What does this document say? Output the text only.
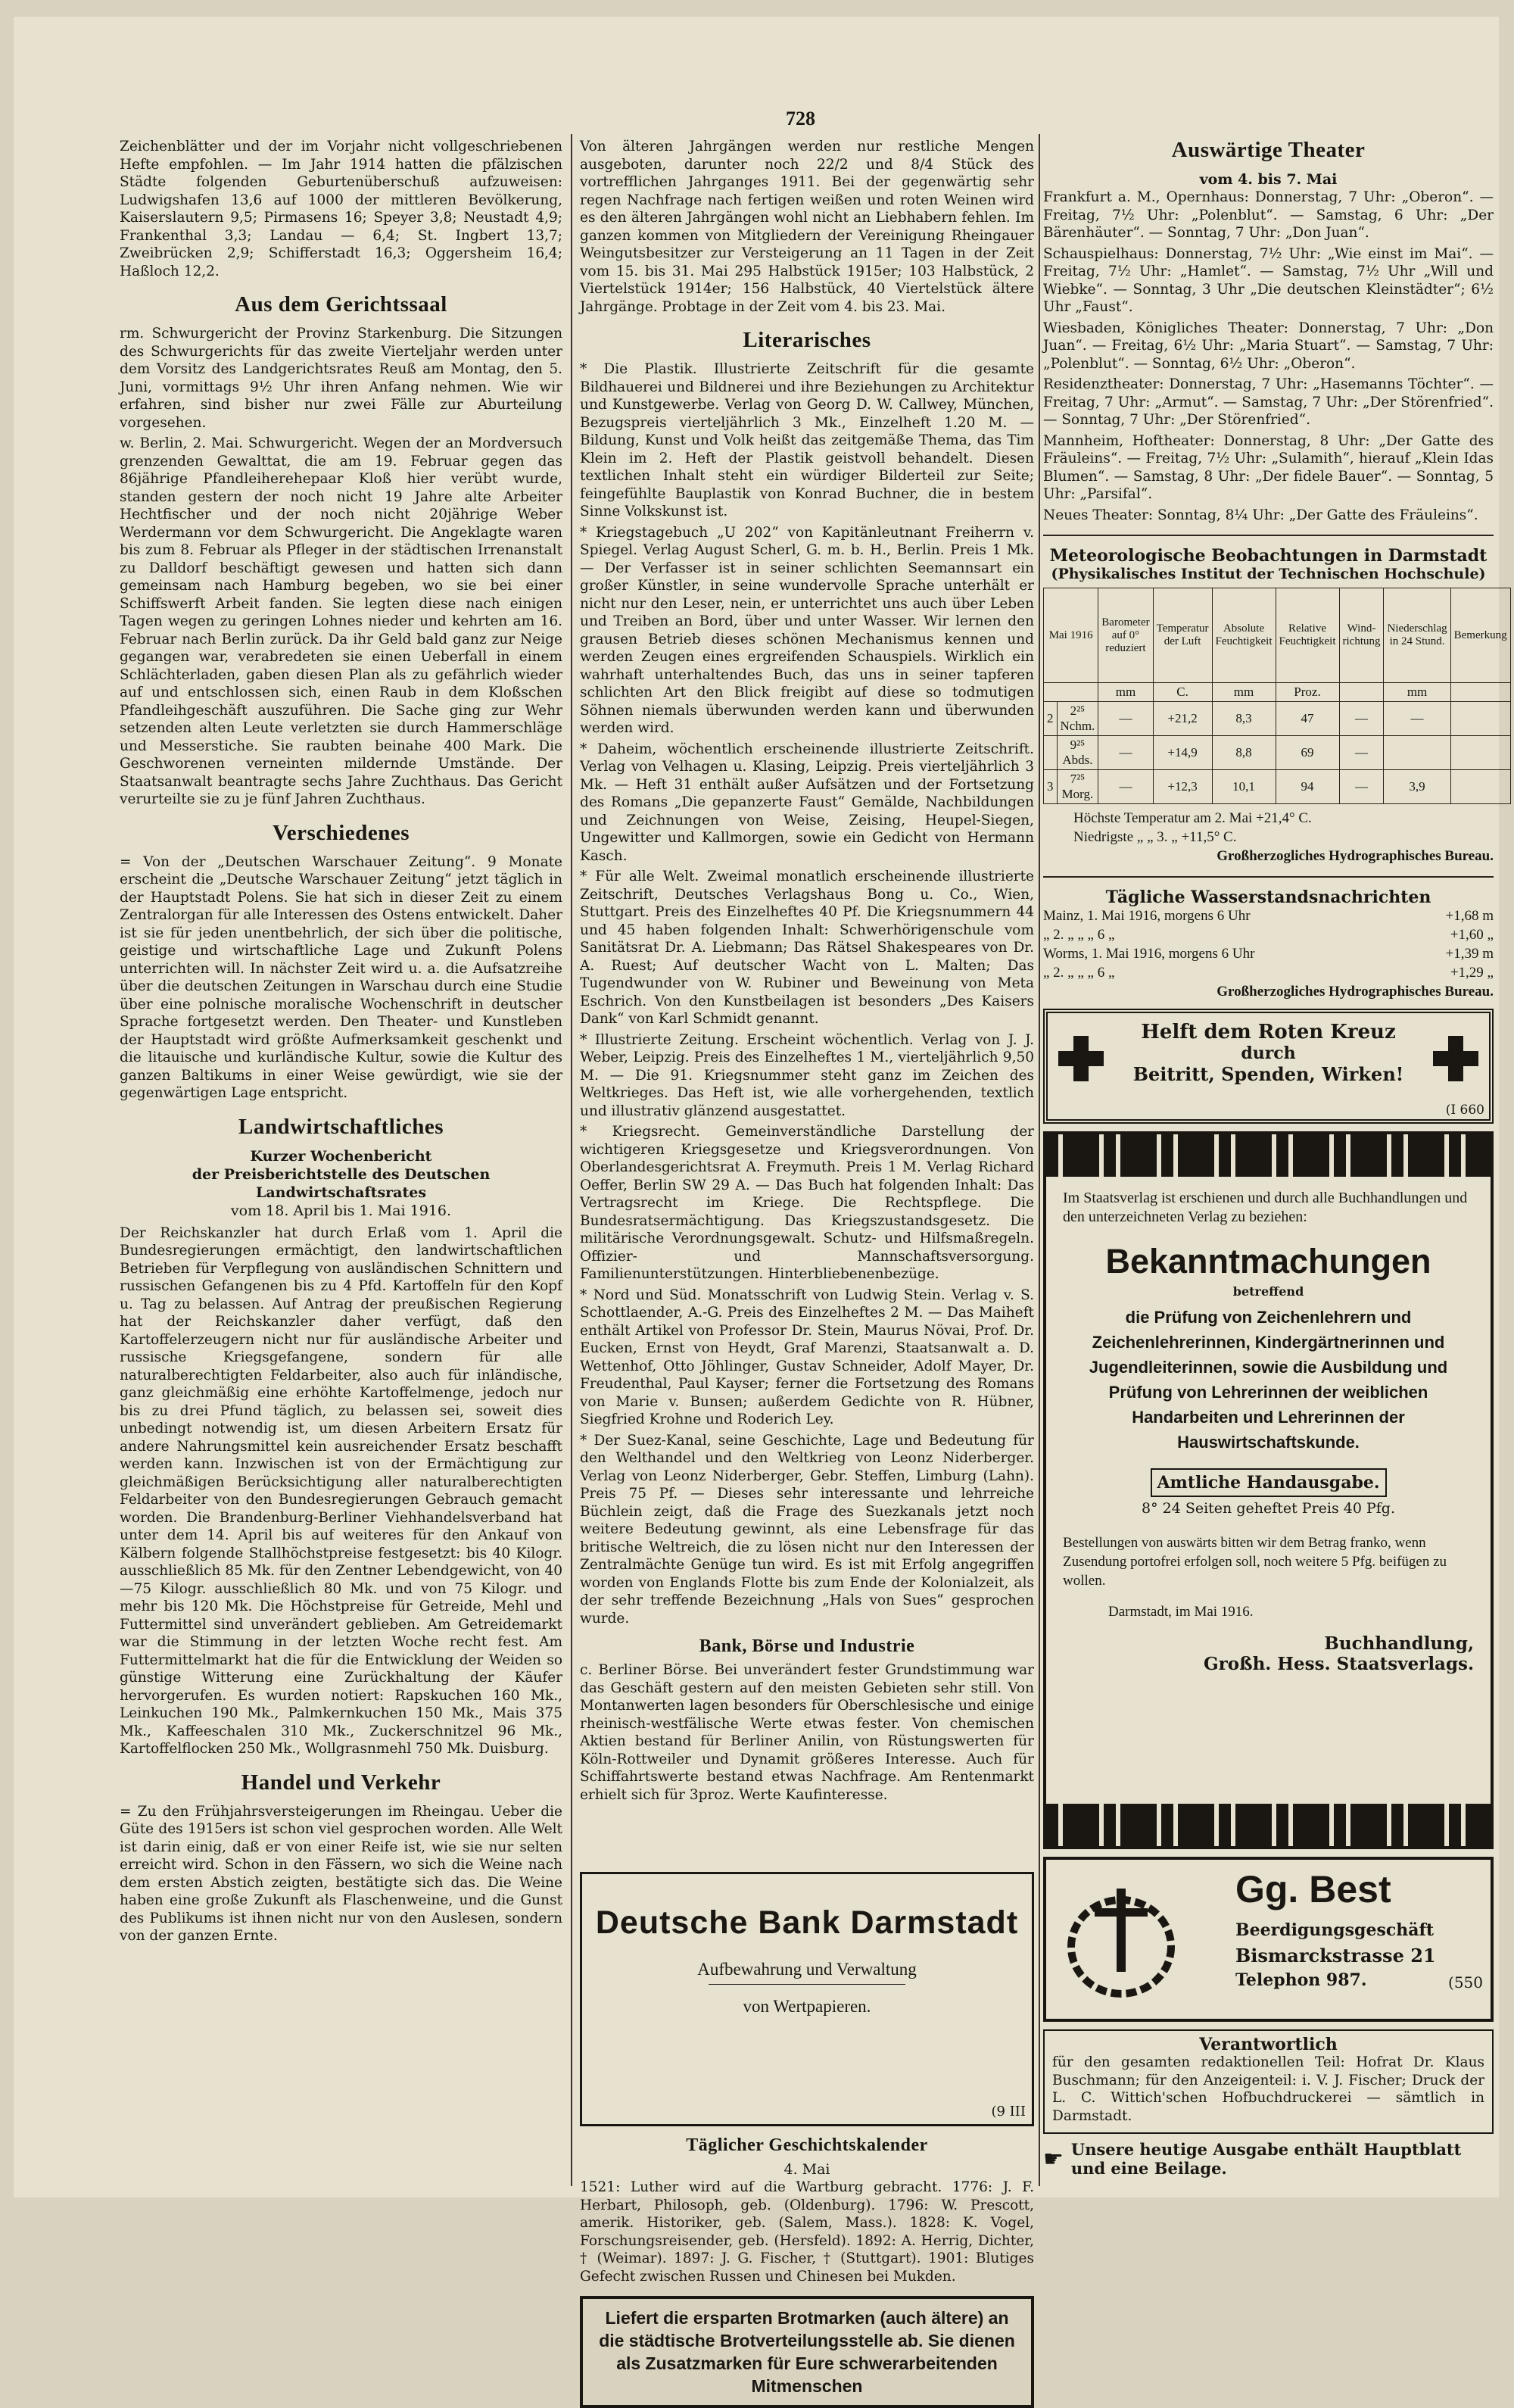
728

Zeichenblätter und der im Vorjahr nicht vollgeschriebenen Hefte empfohlen. — Im Jahr 1914 hatten die pfälzischen Städte folgenden Geburtenüberschuß aufzuweisen: Ludwigshafen 13,6 auf 1000 der mittleren Bevölkerung, Kaiserslautern 9,5; Pirmasens 16; Speyer 3,8; Neustadt 4,9; Frankenthal 3,3; Landau — 6,4; St. Ingbert 13,7; Zweibrücken 2,9; Schifferstadt 16,3; Oggersheim 16,4; Haßloch 12,2.

Aus dem Gerichtssaal

rm. Schwurgericht der Provinz Starkenburg. Die Sitzungen des Schwurgerichts für das zweite Vierteljahr werden unter dem Vorsitz des Landgerichtsrates Reuß am Montag, den 5. Juni, vormittags 9½ Uhr ihren Anfang nehmen. Wie wir erfahren, sind bisher nur zwei Fälle zur Aburteilung vorgesehen.

w. Berlin, 2. Mai. Schwurgericht. Wegen der an Mordversuch grenzenden Gewalttat, die am 19. Februar gegen das 86jährige Pfandleiherehepaar Kloß hier verübt wurde, standen gestern der noch nicht 19 Jahre alte Arbeiter Hechtfischer und der noch nicht 20jährige Weber Werdermann vor dem Schwurgericht. Die Angeklagte waren bis zum 8. Februar als Pfleger in der städtischen Irrenanstalt zu Dalldorf beschäftigt gewesen und hatten sich dann gemeinsam nach Hamburg begeben, wo sie bei einer Schiffswerft Arbeit fanden. Sie legten diese nach einigen Tagen wegen zu geringen Lohnes nieder und kehrten am 16. Februar nach Berlin zurück. Da ihr Geld bald ganz zur Neige gegangen war, verabredeten sie einen Ueberfall in einem Schlächterladen, gaben diesen Plan als zu gefährlich wieder auf und entschlossen sich, einen Raub in dem Kloßschen Pfandleihgeschäft auszuführen. Die Sache ging zur Wehr setzenden alten Leute verletzten sie durch Hammerschläge und Messerstiche. Sie raubten beinahe 400 Mark. Die Geschworenen verneinten mildernde Umstände. Der Staatsanwalt beantragte sechs Jahre Zuchthaus. Das Gericht verurteilte sie zu je fünf Jahren Zuchthaus.

Verschiedenes

= Von der „Deutschen Warschauer Zeitung“. 9 Monate erscheint die „Deutsche Warschauer Zeitung“ jetzt täglich in der Hauptstadt Polens. Sie hat sich in dieser Zeit zu einem Zentralorgan für alle Interessen des Ostens entwickelt. Daher ist sie für jeden unentbehrlich, der sich über die politische, geistige und wirtschaftliche Lage und Zukunft Polens unterrichten will. In nächster Zeit wird u. a. die Aufsatzreihe über die deutschen Zeitungen in Warschau durch eine Studie über eine polnische moralische Wochenschrift in deutscher Sprache fortgesetzt werden. Den Theater- und Kunstleben der Hauptstadt wird größte Aufmerksamkeit geschenkt und die litauische und kurländische Kultur, sowie die Kultur des ganzen Baltikums in einer Weise gewürdigt, wie sie der gegenwärtigen Lage entspricht.

Landwirtschaftliches
Kurzer Wochenbericht
der Preisberichtstelle des Deutschen Landwirtschaftsrates
vom 18. April bis 1. Mai 1916.

Der Reichskanzler hat durch Erlaß vom 1. April die Bundesregierungen ermächtigt, den landwirtschaftlichen Betrieben für Verpflegung von ausländischen Schnittern und russischen Gefangenen bis zu 4 Pfd. Kartoffeln für den Kopf u. Tag zu belassen. Auf Antrag der preußischen Regierung hat der Reichskanzler daher verfügt, daß den Kartoffelerzeugern nicht nur für ausländische Arbeiter und russische Kriegsgefangene, sondern für alle naturalberechtigten Feldarbeiter, also auch für inländische, ganz gleichmäßig eine erhöhte Kartoffelmenge, jedoch nur bis zu drei Pfund täglich, zu belassen sei, soweit dies unbedingt notwendig ist, um diesen Arbeitern Ersatz für andere Nahrungsmittel kein ausreichender Ersatz beschafft werden kann. Inzwischen ist von der Ermächtigung zur gleichmäßigen Berücksichtigung aller naturalberechtigten Feldarbeiter von den Bundesregierungen Gebrauch gemacht worden. Die Brandenburg-Berliner Viehhandelsverband hat unter dem 14. April bis auf weiteres für den Ankauf von Kälbern folgende Stallhöchstpreise festgesetzt: bis 40 Kilogr. ausschließlich 85 Mk. für den Zentner Lebendgewicht, von 40—75 Kilogr. ausschließlich 80 Mk. und von 75 Kilogr. und mehr bis 120 Mk. Die Höchstpreise für Getreide, Mehl und Futtermittel sind unverändert geblieben. Am Getreidemarkt war die Stimmung in der letzten Woche recht fest. Am Futtermittelmarkt hat die für die Entwicklung der Weiden so günstige Witterung eine Zurückhaltung der Käufer hervorgerufen. Es wurden notiert: Rapskuchen 160 Mk., Leinkuchen 190 Mk., Palmkernkuchen 150 Mk., Mais 375 Mk., Kaffeeschalen 310 Mk., Zuckerschnitzel 96 Mk., Kartoffelflocken 250 Mk., Wollgrasnmehl 750 Mk. Duisburg.

Handel und Verkehr

= Zu den Frühjahrsversteigerungen im Rheingau. Ueber die Güte des 1915ers ist schon viel gesprochen worden. Alle Welt ist darin einig, daß er von einer Reife ist, wie sie nur selten erreicht wird. Schon in den Fässern, wo sich die Weine nach dem ersten Abstich zeigten, bestätigte sich das. Die Weine haben eine große Zukunft als Flaschenweine, und die Gunst des Publikums ist ihnen nicht nur von den Auslesen, sondern von der ganzen Ernte.

Von älteren Jahrgängen werden nur restliche Mengen ausgeboten, darunter noch 22/2 und 8/4 Stück des vortrefflichen Jahrganges 1911. Bei der gegenwärtig sehr regen Nachfrage nach fertigen weißen und roten Weinen wird es den älteren Jahrgängen wohl nicht an Liebhabern fehlen. Im ganzen kommen von Mitgliedern der Vereinigung Rheingauer Weingutsbesitzer zur Versteigerung an 11 Tagen in der Zeit vom 15. bis 31. Mai 295 Halbstück 1915er; 103 Halbstück, 2 Viertelstück 1914er; 156 Halbstück, 40 Viertelstück ältere Jahrgänge. Probtage in der Zeit vom 4. bis 23. Mai.

Literarisches

* Die Plastik. Illustrierte Zeitschrift für die gesamte Bildhauerei und Bildnerei und ihre Beziehungen zu Architektur und Kunstgewerbe. Verlag von Georg D. W. Callwey, München, Bezugspreis vierteljährlich 3 Mk., Einzelheft 1.20 M. — Bildung, Kunst und Volk heißt das zeitgemäße Thema, das Tim Klein im 2. Heft der Plastik geistvoll behandelt. Diesen textlichen Inhalt steht ein würdiger Bilderteil zur Seite; feingefühlte Bauplastik von Konrad Buchner, die in bestem Sinne Volkskunst ist.

* Kriegstagebuch „U 202“ von Kapitänleutnant Freiherrn v. Spiegel. Verlag August Scherl, G. m. b. H., Berlin. Preis 1 Mk. — Der Verfasser ist in seiner schlichten Seemannsart ein großer Künstler, in seine wundervolle Sprache unterhält er nicht nur den Leser, nein, er unterrichtet uns auch über Leben und Treiben an Bord, über und unter Wasser. Wir lernen den grausen Betrieb dieses schönen Mechanismus kennen und werden Zeugen eines ergreifenden Schauspiels. Wirklich ein wahrhaft unterhaltendes Buch, das uns in seiner tapferen schlichten Art den Blick freigibt auf diese so todmutigen Söhnen niemals überwunden werden kann und überwunden werden wird.

* Daheim, wöchentlich erscheinende illustrierte Zeitschrift. Verlag von Velhagen u. Klasing, Leipzig. Preis vierteljährlich 3 Mk. — Heft 31 enthält außer Aufsätzen und der Fortsetzung des Romans „Die gepanzerte Faust“ Gemälde, Nachbildungen und Zeichnungen von Weise, Zeising, Heupel-Siegen, Ungewitter und Kallmorgen, sowie ein Gedicht von Hermann Kasch.

* Für alle Welt. Zweimal monatlich erscheinende illustrierte Zeitschrift, Deutsches Verlagshaus Bong u. Co., Wien, Stuttgart. Preis des Einzelheftes 40 Pf. Die Kriegsnummern 44 und 45 haben folgenden Inhalt: Schwerhörigenschule vom Sanitätsrat Dr. A. Liebmann; Das Rätsel Shakespeares von Dr. A. Ruest; Auf deutscher Wacht von L. Malten; Das Tugendwunder von W. Rubiner und Beweinung von Meta Eschrich. Von den Kunstbeilagen ist besonders „Des Kaisers Dank“ von Karl Schmidt genannt.

* Illustrierte Zeitung. Erscheint wöchentlich. Verlag von J. J. Weber, Leipzig. Preis des Einzelheftes 1 M., vierteljährlich 9,50 M. — Die 91. Kriegsnummer steht ganz im Zeichen des Weltkrieges. Das Heft ist, wie alle vorhergehenden, textlich und illustrativ glänzend ausgestattet.

* Kriegsrecht. Gemeinverständliche Darstellung der wichtigeren Kriegsgesetze und Kriegsverordnungen. Von Oberlandesgerichtsrat A. Freymuth. Preis 1 M. Verlag Richard Oeffer, Berlin SW 29 A. — Das Buch hat folgenden Inhalt: Das Vertragsrecht im Kriege. Die Rechtspflege. Die Bundesratsermächtigung. Das Kriegszustandsgesetz. Die militärische Verordnungsgewalt. Schutz- und Hilfsmaßregeln. Offizier- und Mannschaftsversorgung. Familienunterstützungen. Hinterbliebenenbezüge.

* Nord und Süd. Monatsschrift von Ludwig Stein. Verlag v. S. Schottlaender, A.-G. Preis des Einzelheftes 2 M. — Das Maiheft enthält Artikel von Professor Dr. Stein, Maurus Növai, Prof. Dr. Eucken, Ernst von Heydt, Graf Marenzi, Staatsanwalt a. D. Wettenhof, Otto Jöhlinger, Gustav Schneider, Adolf Mayer, Dr. Freudenthal, Paul Kayser; ferner die Fortsetzung des Romans von Marie v. Bunsen; außerdem Gedichte von R. Hübner, Siegfried Krohne und Roderich Ley.

* Der Suez-Kanal, seine Geschichte, Lage und Bedeutung für den Welthandel und den Weltkrieg von Leonz Niderberger. Verlag von Leonz Niderberger, Gebr. Steffen, Limburg (Lahn). Preis 75 Pf. — Dieses sehr interessante und lehrreiche Büchlein zeigt, daß die Frage des Suezkanals jetzt noch weitere Bedeutung gewinnt, als eine Lebensfrage für das britische Weltreich, die zu lösen nicht nur den Interessen der Zentralmächte Genüge tun wird. Es ist mit Erfolg angegriffen worden von Englands Flotte bis zum Ende der Kolonialzeit, als der sehr treffende Bezeichnung „Hals von Sues“ gesprochen wurde.

Bank, Börse und Industrie

c. Berliner Börse. Bei unverändert fester Grundstimmung war das Geschäft gestern auf den meisten Gebieten sehr still. Von Montanwerten lagen besonders für Oberschlesische und einige rheinisch-westfälische Werte etwas fester. Von chemischen Aktien bestand für Berliner Anilin, von Rüstungswerten für Köln-Rottweiler und Dynamit größeres Interesse. Auch für Schiffahrtswerte bestand etwas Nachfrage. Am Rentenmarkt erhielt sich für 3proz. Werte Kaufinteresse.

Deutsche Bank Darmstadt
Aufbewahrung und Verwaltung
von Wertpapieren.
(9 III
Täglicher Geschichtskalender
4. Mai

1521: Luther wird auf die Wartburg gebracht. 1776: J. F. Herbart, Philosoph, geb. (Oldenburg). 1796: W. Prescott, amerik. Historiker, geb. (Salem, Mass.). 1828: K. Vogel, Forschungsreisender, geb. (Hersfeld). 1892: A. Herrig, Dichter, † (Weimar). 1897: J. G. Fischer, † (Stuttgart). 1901: Blutiges Gefecht zwischen Russen und Chinesen bei Mukden.

Liefert die ersparten Brotmarken (auch ältere) an die städtische Brotverteilungsstelle ab. Sie dienen als Zusatzmarken für Eure schwerarbeitenden Mitmenschen
Auswärtige Theater
vom 4. bis 7. Mai

Frankfurt a. M., Opernhaus: Donnerstag, 7 Uhr: „Oberon“. — Freitag, 7½ Uhr: „Polenblut“. — Samstag, 6 Uhr: „Der Bärenhäuter“. — Sonntag, 7 Uhr: „Don Juan“.

Schauspielhaus: Donnerstag, 7½ Uhr: „Wie einst im Mai“. — Freitag, 7½ Uhr: „Hamlet“. — Samstag, 7½ Uhr „Will und Wiebke“. — Sonntag, 3 Uhr „Die deutschen Kleinstädter“; 6½ Uhr „Faust“.

Wiesbaden, Königliches Theater: Donnerstag, 7 Uhr: „Don Juan“. — Freitag, 6½ Uhr: „Maria Stuart“. — Samstag, 7 Uhr: „Polenblut“. — Sonntag, 6½ Uhr: „Oberon“.

Residenztheater: Donnerstag, 7 Uhr: „Hasemanns Töchter“. — Freitag, 7 Uhr: „Armut“. — Samstag, 7 Uhr: „Der Störenfried“. — Sonntag, 7 Uhr: „Der Störenfried“.

Mannheim, Hoftheater: Donnerstag, 8 Uhr: „Der Gatte des Fräuleins“. — Freitag, 7½ Uhr: „Sulamith“, hierauf „Klein Idas Blumen“. — Samstag, 8 Uhr: „Der fidele Bauer“. — Sonntag, 5 Uhr: „Parsifal“.

Neues Theater: Sonntag, 8¼ Uhr: „Der Gatte des Fräuleins“.

Meteorologische Beobachtungen in Darmstadt
(Physikalisches Institut der Technischen Hochschule)
Mai 1916		Barometer auf 0° reduziert	Temperatur der Luft	Absolute Feuchtigkeit	Relative Feuchtigkeit	Wind-richtung	Niederschlag in 24 Stund.	Bemerkung
		mm	C.	mm	Proz.		mm	
2	2²⁵ Nchm.	—	+21,2	8,3	47	—	—	
	9²⁵ Abds.	—	+14,9	8,8	69	—		
3	7²⁵ Morg.	—	+12,3	10,1	94	—	3,9	
Höchste Temperatur am 2. Mai +21,4° C.
Niedrigste „ „ 3. „ +11,5° C.
Großherzogliches Hydrographisches Bureau.
Tägliche Wasserstandsnachrichten
Mainz, 1. Mai 1916, morgens 6 Uhr	+1,68 m
„ 2. „ „ „ 6 „	+1,60 „
Worms, 1. Mai 1916, morgens 6 Uhr	+1,39 m
„ 2. „ „ „ 6 „	+1,29 „
Großherzogliches Hydrographisches Bureau.
Helft dem Roten Kreuz
durch
Beitritt, Spenden, Wirken!
(I 660
Im Staatsverlag ist erschienen und durch alle Buchhandlungen und den unterzeichneten Verlag zu beziehen:
Bekanntmachungen
betreffend
die Prüfung von Zeichenlehrern und Zeichenlehrerinnen, Kindergärtnerinnen und Jugendleiterinnen, sowie die Ausbildung und Prüfung von Lehrerinnen der weiblichen Handarbeiten und Lehrerinnen der Hauswirtschaftskunde.
Amtliche Handausgabe.
8° 24 Seiten geheftet Preis 40 Pfg.
Bestellungen von auswärts bitten wir dem Betrag franko, wenn Zusendung portofrei erfolgen soll, noch weitere 5 Pfg. beifügen zu wollen.
Darmstadt, im Mai 1916.
Buchhandlung,
Großh. Hess. Staatsverlags.
Gg. Best
Beerdigungsgeschäft
Bismarckstrasse 21
Telephon 987.	(550
Verantwortlich

für den gesamten redaktionellen Teil: Hofrat Dr. Klaus Buschmann; für den Anzeigenteil: i. V. J. Fischer; Druck der L. C. Wittich'schen Hofbuchdruckerei — sämtlich in Darmstadt.

☛ Unsere heutige Ausgabe enthält Hauptblatt und eine Beilage.
